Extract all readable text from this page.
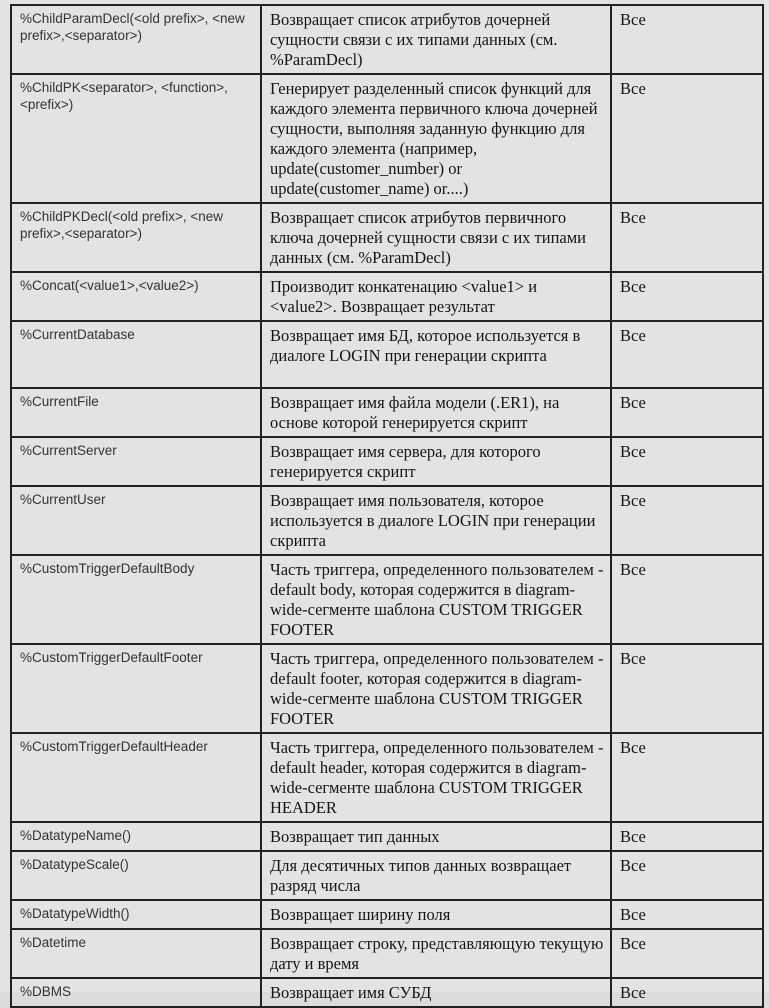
%ChildParamDecl(<old prefix>, <new prefix>,<separator>)	Возвращает список атрибутов дочерней сущности связи с их типами данных (см. %ParamDecl)	Все
%ChildPK<separator>, <function>,<prefix>)	Генерирует разделенный список функций для каждого элемента первичного ключа дочерней сущности, выполняя заданную функцию для каждого элемента (например, update(customer_number) or update(customer_name) or....)	Все
%ChildPKDecl(<old prefix>, <new prefix>,<separator>)	Возвращает список атрибутов первичного ключа дочерней сущности связи с их типами данных (см. %ParamDecl)	Все
%Concat(<value1>,<value2>)	Производит конкатенацию <value1> и <value2>. Возвращает результат	Все
%CurrentDatabase	Возвращает имя БД, которое используется в диалоге LOGIN при генерации скрипта	Все
%CurrentFile	Возвращает имя файла модели (.ER1), на основе которой генерируется скрипт	Все
%CurrentServer	Возвращает имя сервера, для которого генерируется скрипт	Все
%CurrentUser	Возвращает имя пользователя, которое используется в диалоге LOGIN при генерации скрипта	Все
%CustomTriggerDefaultBody	Часть триггера, определенного пользователем - default body, которая содержится в diagram-wide-сегменте шаблона CUSTOM TRIGGER FOOTER	Все
%CustomTriggerDefaultFooter	Часть триггера, определенного пользователем - default footer, которая содержится в diagram-wide-сегменте шаблона CUSTOM TRIGGER FOOTER	Все
%CustomTriggerDefaultHeader	Часть триггера, определенного пользователем - default header, которая содержится в diagram-wide-сегменте шаблона CUSTOM TRIGGER HEADER	Все
%DatatypeName()	Возвращает тип данных	Все
%DatatypeScale()	Для десятичных типов данных возвращает разряд числа	Все
%DatatypeWidth()	Возвращает ширину поля	Все
%Datetime	Возвращает строку, представляющую текущую дату и время	Все
%DBMS	Возвращает имя СУБД	Все
